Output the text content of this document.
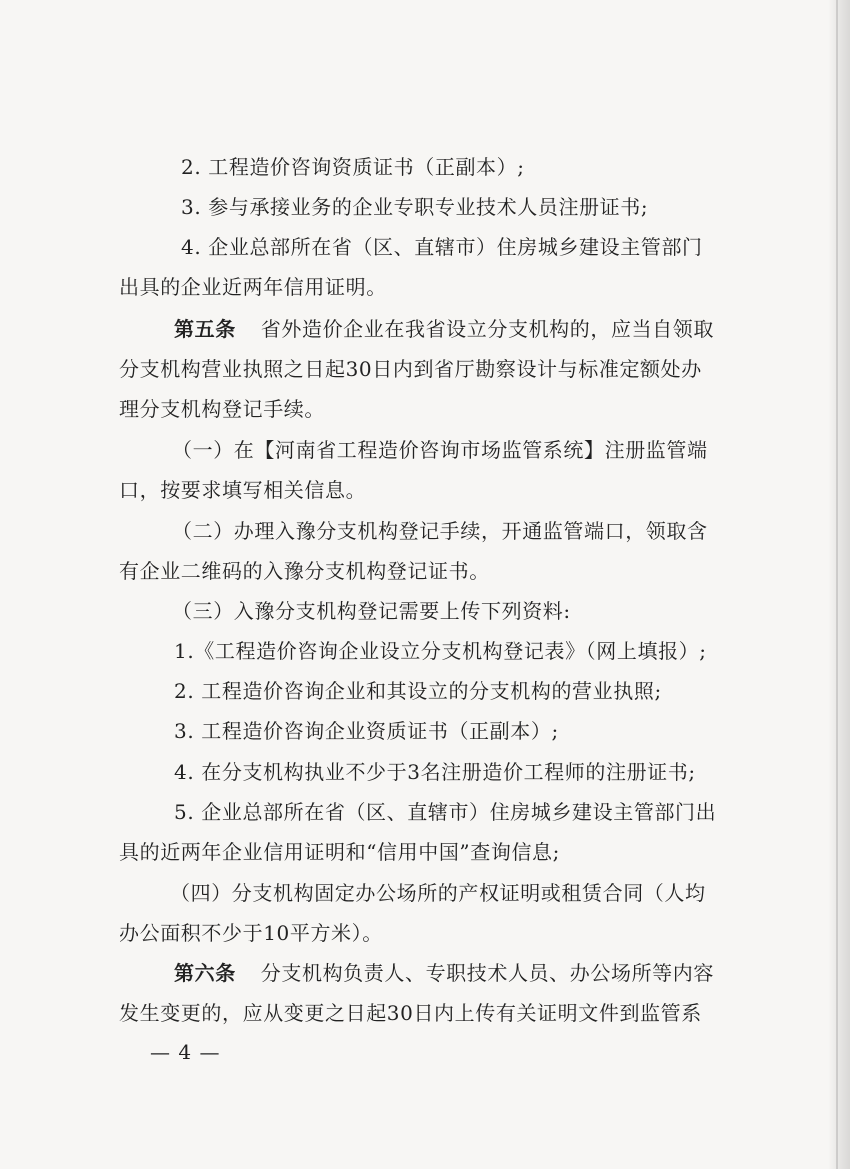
2. 工程造价咨询资质证书（正副本）;
3. 参与承接业务的企业专职专业技术人员注册证书;
4. 企业总部所在省（区、直辖市）住房城乡建设主管部门
出具的企业近两年信用证明。
第五条 省外造价企业在我省设立分支机构的，应当自领取
分支机构营业执照之日起30日内到省厅勘察设计与标准定额处办
理分支机构登记手续。
（一）在【河南省工程造价咨询市场监管系统】注册监管端
口，按要求填写相关信息。
（二）办理入豫分支机构登记手续，开通监管端口，领取含
有企业二维码的入豫分支机构登记证书。
（三）入豫分支机构登记需要上传下列资料:
1.《工程造价咨询企业设立分支机构登记表》（网上填报）;
2. 工程造价咨询企业和其设立的分支机构的营业执照;
3. 工程造价咨询企业资质证书（正副本）;
4. 在分支机构执业不少于3名注册造价工程师的注册证书;
5. 企业总部所在省（区、直辖市）住房城乡建设主管部门出
具的近两年企业信用证明和“信用中国”查询信息;
（四）分支机构固定办公场所的产权证明或租赁合同（人均
办公面积不少于10平方米）。
第六条 分支机构负责人、专职技术人员、办公场所等内容
发生变更的，应从变更之日起30日内上传有关证明文件到监管系
— 4 —
